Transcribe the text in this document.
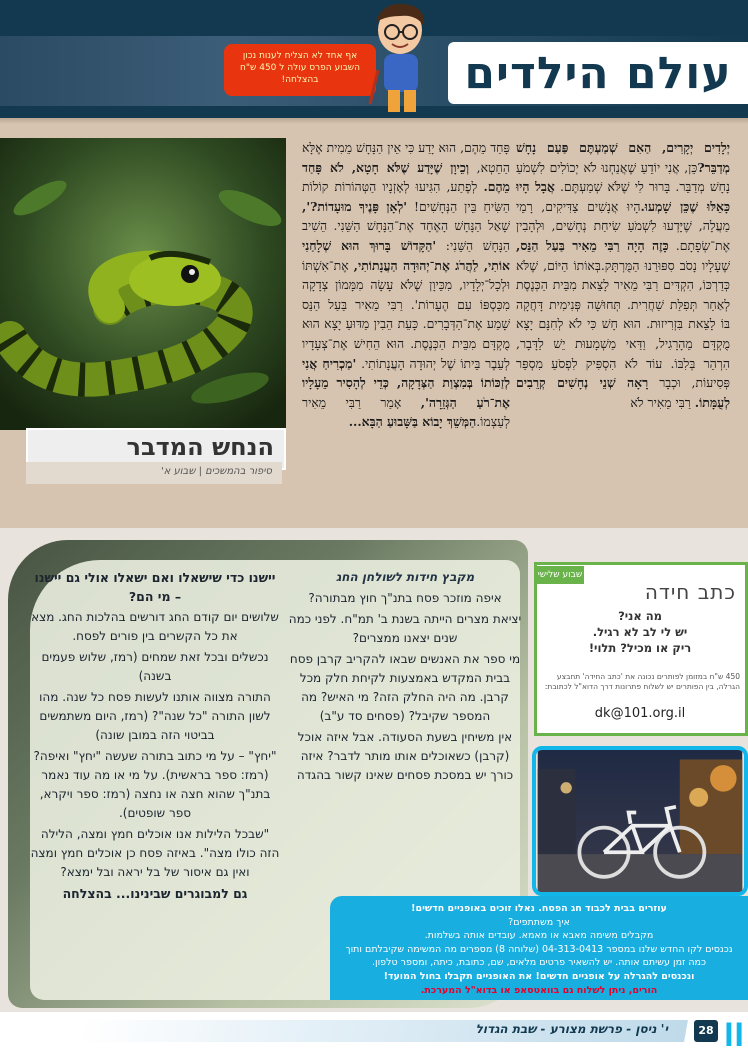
עולם הילדים
אף אחד לא הצליח לענות נכון השבוע הפרס עולה ל 450 ש"ח בהצלחה!
הנחש המדבר
סיפור בהמשכים | שבוע א'
יְלָדִים יְקָרִים, הַאִם שְׁמַעְתֶּם פַּעַם נָחָשׁ מְדַבֵּר?כֵּן, אֲנִי יוֹדֵעַ שֶׁאֲנַחְנוּ לֹא יְכוֹלִים לִשְׁמֹעַ נָחָשׁ מְדַבֵּר. בָּרוּר לִי שֶׁלֹּא שְׁמַעְתֶּם. אֲבָל הָיוּ כָּאֵלּוּ שֶׁכֵּן שָׁמְעוּ.הָיוּ אֲנָשִׁים צַדִּיקִים, רָמֵי מַעֲלָה, שֶׁיָּדְעוּ לִשְׁמֹעַ שִׂיחַת נְחָשִׁים, וּלְהָבִין אֶת־שְׂפָתָם. כָּזֶה הָיָה רַבִּי מֵאִיר בַּעַל הַנֵּס, שֶׁעָלָיו נָסֹב סִפּוּרֵנוּ הַמֻּרְתָּק.בְּאוֹתוֹ הַיּוֹם, שֶׁלֹּא כְּדַרְכּוֹ, הִקְדִּים רַבִּי מֵאִיר לָצֵאת מִבֵּית הַכְּנֶסֶת לְאַחַר תְּפִלַּת שַׁחֲרִית. תְּחוּשָׁה פְּנִימִית דָּחֲקָה בּוֹ לָצֵאת בִּזְרִיזוּת. הוּא חָשׁ כִּי לֹא לְחִנָּם יָצָא מֻקְדָּם מֵהָרָגִיל, וַדַּאי מַשְׁמָעוּת יֵשׁ לַדָּבָר, הִרְהֵר בְּלִבּוֹ. עוֹד לֹא הִסְפִּיק לִפְסֹעַ מִסְפַּר פְּסִיעוֹת, וּכְבָר רָאָה שְׁנֵי נְחָשִׁים קְרֵבִים לְעֻמָּתוֹ. רַבִּי מֵאִיר לֹא
פָּחַד מֵהֶם, הוּא יָדַע כִּי אֵין הַנָּחָשׁ מֵמִית אֶלָּא הַחֵטְא, וְכֵיוָן שֶׁיָּדַע שֶׁלֹּא חָטָא, לֹא פָּחַד מֵהֶם. לְפֶתַע, הִגִּיעוּ לְאָזְנָיו הַטְּהוֹרוֹת קוֹלוֹת הַשִּׂיחַ בֵּין הַנְּחָשִׁים! 'לְאָן פָּנֶיךָ מוּעָדוֹת?', שָׁאַל הַנָּחָשׁ הָאֶחָד אֶת־הַנָּחָשׁ הַשֵּׁנִי. הֵשִׁיב הַנָּחָשׁ הַשֵּׁנִי: 'הַקָּדוֹשׁ בָּרוּךְ הוּא שְׁלָחַנִי אוֹתִי, לַהֲרֹג אֶת־יְהוּדָה הַעֲנָתוֹתִי, אֶת־אִשְׁתּוֹ וּלְכָל־יְלָדָיו, מִכֵּיוָן שֶׁלֹּא עָשָׂה מִמָּמוֹן צְדָקָה מִכַּסְפּוֹ עִם הֶעָרוֹת'. רַבִּי מֵאִיר בַּעַל הַנֵּס שָׁמַע אֶת־הַדְּבָרִים. כָּעֵת הֵבִין מַדּוּעַ יָצָא הוּא מֻקְדָּם מִבֵּית הַכְּנֶסֶת. הוּא הֵחִישׁ אֶת־צְעָדָיו לְעֵבֶר בֵּיתוֹ שֶׁל יְהוּדָה הָעֲנָתוֹתִי. 'מַכְרִיחַ אֲנִי לְזַכּוֹתוֹ בְּמִצְוַת הַצְּדָקָה, כְּדֵי לְהָסִיר מֵעָלָיו אֶת־רֹעַ הַגְּזֵרָה', אָמַר רַבִּי מֵאִיר לְעַצְמוֹ.הַמְּשֵׁךְ יָבוֹא בַּשָּׁבוּעַ הַבָּא...
מקבץ חידות לשולחן החג
איפה מוזכר פסח בתנ"ך חוץ מבתורה?
יציאת מצרים הייתה בשנת ב' תמ"ח. לפני כמה שנים יצאנו ממצרים?
מי ספר את האנשים שבאו להקריב קרבן פסח בבית המקדש באמצעות לקיחת חלק מכל קרבן. מה היה החלק הזה? מי האיש? מה המספר שקיבל? (פסחים סד ע"ב)
אין משיחין בשעת הסעודה. אבל איזה אוכל (קרבן) כשאוכלים אותו מותר לדבר? איזה כורך יש במסכת פסחים שאינו קשור בהגדה
יישנו כדי שישאלו ואם ישאלו אולי גם יישנו – מי הם?
שלושים יום קודם החג דורשים בהלכות החג. מצא את כל הקשרים בין פורים לפסח.
נכשלים ובכל זאת שמחים (רמז, שלוש פעמים בשנה)
התורה מצווה אותנו לעשות פסח כל שנה. מהו לשון התורה "כל שנה"? (רמז, היום משתמשים בביטוי הזה במובן שונה)
"יחץ" – על מי כתוב בתורה שעשה "יחץ" ואיפה? (רמז: ספר בראשית). על מי או מה עוד נאמר בתנ"ך שהוא חצה או נחצה (רמז: ספר ויקרא, ספר שופטים).
"שבכל הלילות אנו אוכלים חמץ ומצה, הלילה הזה כולו מצה". באיזה פסח כן אוכלים חמץ ומצה ואין גם איסור של בל יראה ובל ימצא?
גם למבוגרים שבינינו... בהצלחה
שבוע שלישי
כתב חידה
מה אני?
יש לי לב לא רגיל.
ריק או מכיל? תלוי!
450 ש"ח במזומן לפותרים נכונה את 'כתב החידה' תחבצע הגרלה, בין הפותרים יש לשלוח פתרונות דרך הדוא"ל לכתובת:
dk@101.org.il
עוזרים בבית לכבוד חג הפסח. נאלו זוכים באופניים חדשים!
איך משתתפים?
מקבלים משימה מאבא או מאמא. עובדים אותה בשלמות.
נכנסים לקו החדש שלנו במספר 04-313-0413 (שלוחה 8) מספרים מה המשימה שקיבלתם ותוך כמה זמן עשיתם אותה. יש להשאיר פרטים מלאים, שם, כתובת, כיתה, ומספר טלפון.
ונכנסים להגרלה על אופניים חדשים! את האופניים תקבלו בחול המועד!
הורים, ניתן לשלוח גם בוואטסאפ או בדוא"ל המערכת.
י' ניסן - פרשת מצורע - שבת הגדול	28 ןן
